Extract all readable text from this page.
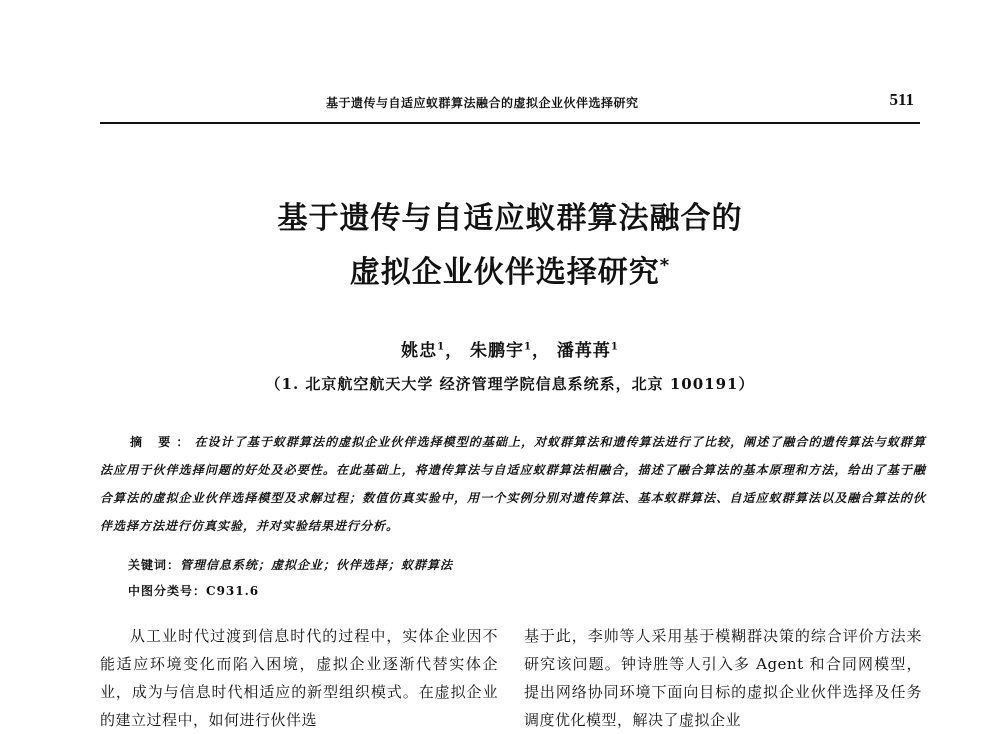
基于遗传与自适应蚁群算法融合的虚拟企业伙伴选择研究	511
基于遗传与自适应蚁群算法融合的
虚拟企业伙伴选择研究*
姚忠$^1$， 朱鹏宇$^1$， 潘苒苒$^1$
（1. 北京航空航天大学 经济管理学院信息系统系，北京 100191）
摘 要：在设计了基于蚁群算法的虚拟企业伙伴选择模型的基础上，对蚁群算法和遗传算法进行了比较，阐述了融合的遗传算法与蚁群算法应用于伙伴选择问题的好处及必要性。在此基础上，将遗传算法与自适应蚁群算法相融合，描述了融合算法的基本原理和方法，给出了基于融合算法的虚拟企业伙伴选择模型及求解过程；数值仿真实验中，用一个实例分别对遗传算法、基本蚁群算法、自适应蚁群算法以及融合算法的伙伴选择方法进行仿真实验，并对实验结果进行分析。
关键词：管理信息系统；虚拟企业；伙伴选择；蚁群算法
中图分类号：C931.6
从工业时代过渡到信息时代的过程中，实体企业因不能适应环境变化而陷入困境，虚拟企业逐渐代替实体企业，成为与信息时代相适应的新型组织模式。在虚拟企业的建立过程中，如何进行伙伴选
基于此，李帅等人采用基于模糊群决策的综合评价方法来研究该问题。钟诗胜等人引入多 Agent 和合同网模型，提出网络协同环境下面向目标的虚拟企业伙伴选择及任务调度优化模型，解决了虚拟企业
